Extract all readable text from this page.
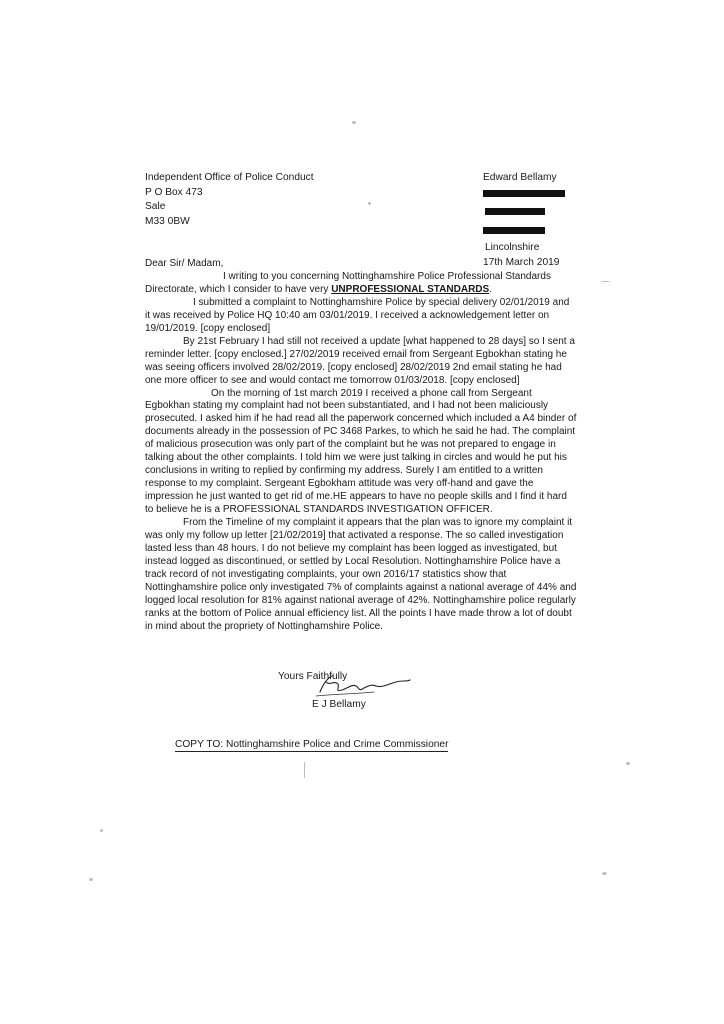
Independent Office of Police Conduct
P O Box 473
Sale
M33 0BW
Edward Bellamy
Lincolnshire
17th March 2019

Dear Sir/ Madam,

I writing to you concerning Nottinghamshire Police Professional Standards Directorate, which I consider to have very UNPROFESSIONAL STANDARDS.

I submitted a complaint to Nottinghamshire Police by special delivery 02/01/2019 and it was received by Police HQ 10:40 am 03/01/2019. I received a acknowledgement letter on 19/01/2019. [copy enclosed]

By 21st February I had still not received a update [what happened to 28 days] so I sent a reminder letter. [copy enclosed.] 27/02/2019 received email from Sergeant Egbokhan stating he was seeing officers involved 28/02/2019. [copy enclosed] 28/02/2019 2nd email stating he had one more officer to see and would contact me tomorrow 01/03/2018. [copy enclosed]

On the morning of 1st march 2019 I received a phone call from Sergeant Egbokhan stating my complaint had not been substantiated, and I had not been maliciously prosecuted. I asked him if he had read all the paperwork concerned which included a A4 binder of documents already in the possession of PC 3468 Parkes, to which he said he had. The complaint of malicious prosecution was only part of the complaint but he was not prepared to engage in talking about the other complaints. I told him we were just talking in circles and would he put his conclusions in writing to replied by confirming my address. Surely I am entitled to a written response to my complaint. Sergeant Egbokham attitude was very off-hand and gave the impression he just wanted to get rid of me.HE appears to have no people skills and I find it hard to believe he is a PROFESSIONAL STANDARDS INVESTIGATION OFFICER.

From the Timeline of my complaint it appears that the plan was to ignore my complaint it was only my follow up letter [21/02/2019] that activated a response. The so called investigation lasted less than 48 hours. I do not believe my complaint has been logged as investigated, but instead logged as discontinued, or settled by Local Resolution. Nottinghamshire Police have a track record of not investigating complaints, your own 2016/17 statistics show that Nottinghamshire police only investigated 7% of complaints against a national average of 44% and logged local resolution for 81% against national average of 42%. Nottinghamshire police regularly ranks at the bottom of Police annual efficiency list. All the points I have made throw a lot of doubt in mind about the propriety of Nottinghamshire Police.

Yours Faithfully
E J Bellamy
COPY TO: Nottinghamshire Police and Crime Commissioner
